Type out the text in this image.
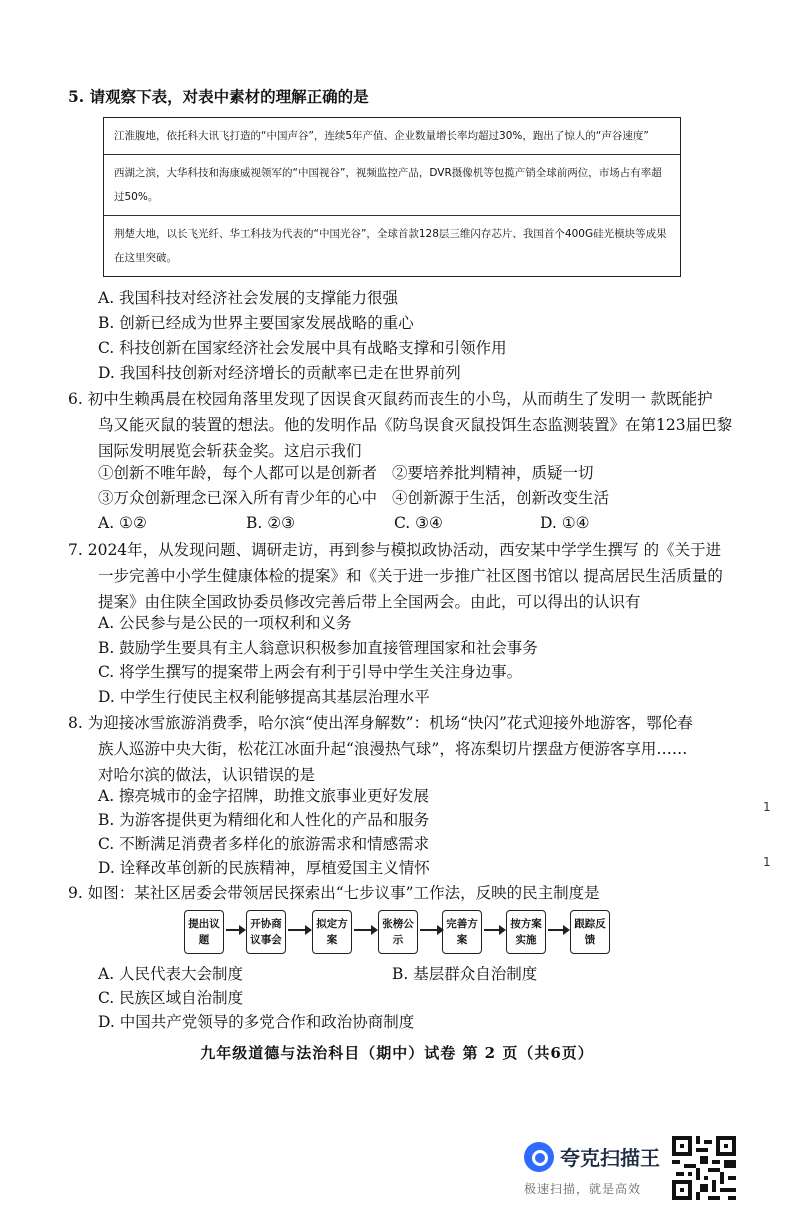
5. 请观察下表，对表中素材的理解正确的是
江淮腹地，依托科大讯飞打造的“中国声谷”，连续5年产值、企业数量增长率均超过30%，跑出了惊人的“声谷速度”
西湖之滨，大华科技和海康威视领军的“中国视谷”，视频监控产品，DVR摄像机等包揽产销全球前两位，市场占有率超过50%。
荆楚大地，以长飞光纤、华工科技为代表的“中国光谷”，全球首款128层三维闪存芯片、我国首个400G硅光模块等成果在这里突破。
A. 我国科技对经济社会发展的支撑能力很强
B. 创新已经成为世界主要国家发展战略的重心
C. 科技创新在国家经济社会发展中具有战略支撑和引领作用
D. 我国科技创新对经济增长的贡献率已走在世界前列
6. 初中生赖禹晨在校园角落里发现了因误食灭鼠药而丧生的小鸟，从而萌生了发明一 款既能护
鸟又能灭鼠的装置的想法。他的发明作品《防鸟误食灭鼠投饵生态监测装置》在第123届巴黎
国际发明展览会斩获金奖。这启示我们
①创新不唯年龄，每个人都可以是创新者 ②要培养批判精神，质疑一切
③万众创新理念已深入所有青少年的心中 ④创新源于生活，创新改变生活
A. ①②	B. ②③	C. ③④	D. ①④
7. 2024年，从发现问题、调研走访，再到参与模拟政协活动，西安某中学学生撰写 的《关于进
一步完善中小学生健康体检的提案》和《关于进一步推广社区图书馆以 提高居民生活质量的
提案》由住陕全国政协委员修改完善后带上全国两会。由此，可以得出的认识有
A. 公民参与是公民的一项权利和义务
B. 鼓励学生要具有主人翁意识积极参加直接管理国家和社会事务
C. 将学生撰写的提案带上两会有利于引导中学生关注身边事。
D. 中学生行使民主权利能够提高其基层治理水平
8. 为迎接冰雪旅游消费季，哈尔滨“使出浑身解数”：机场“快闪”花式迎接外地游客，鄂伦春
族人巡游中央大街，松花江冰面升起“浪漫热气球”，将冻梨切片摆盘方便游客享用……
对哈尔滨的做法，认识错误的是
A. 擦亮城市的金字招牌，助推文旅事业更好发展
B. 为游客提供更为精细化和人性化的产品和服务
C. 不断满足消费者多样化的旅游需求和情感需求
D. 诠释改革创新的民族精神，厚植爱国主义情怀
9. 如图：某社区居委会带领居民探索出“七步议事”工作法，反映的民主制度是
提出议题
开协商议事会
拟定方案
张榜公示
完善方案
按方案实施
跟踪反馈
A. 人民代表大会制度	B. 基层群众自治制度
C. 民族区域自治制度
D. 中国共产党领导的多党合作和政治协商制度
九年级道德与法治科目（期中）试卷 第 2 页（共6页）
1
1
夸克扫描王
极速扫描，就是高效
